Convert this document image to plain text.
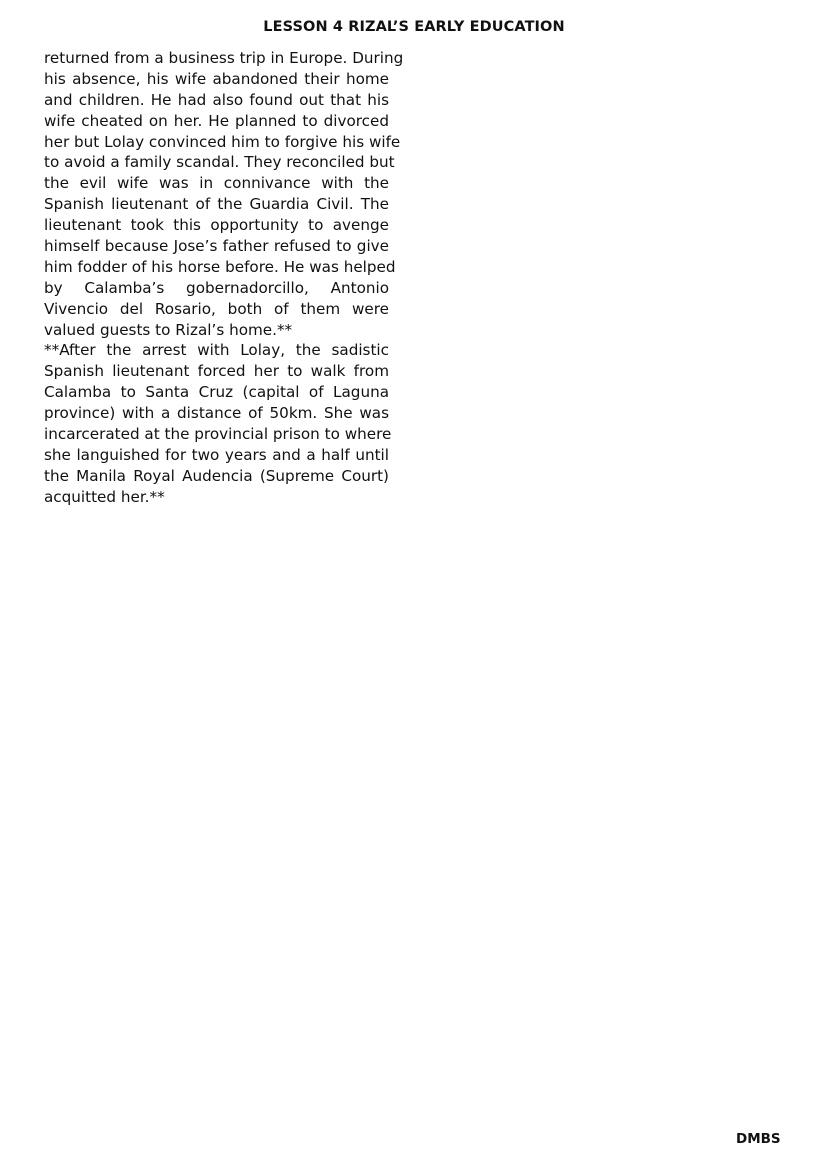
LESSON 4 RIZAL’S EARLY EDUCATION
returned from a business trip in Europe. During
his absence, his wife abandoned their home
and children. He had also found out that his
wife cheated on her. He planned to divorced
her but Lolay convinced him to forgive his wife
to avoid a family scandal. They reconciled but
the evil wife was in connivance with the
Spanish lieutenant of the Guardia Civil. The
lieutenant took this opportunity to avenge
himself because Jose’s father refused to give
him fodder of his horse before. He was helped
by Calamba’s gobernadorcillo, Antonio
Vivencio del Rosario, both of them were
valued guests to Rizal’s home.**
**After the arrest with Lolay, the sadistic
Spanish lieutenant forced her to walk from
Calamba to Santa Cruz (capital of Laguna
province) with a distance of 50km. She was
incarcerated at the provincial prison to where
she languished for two years and a half until
the Manila Royal Audencia (Supreme Court)
acquitted her.**
DMBS
